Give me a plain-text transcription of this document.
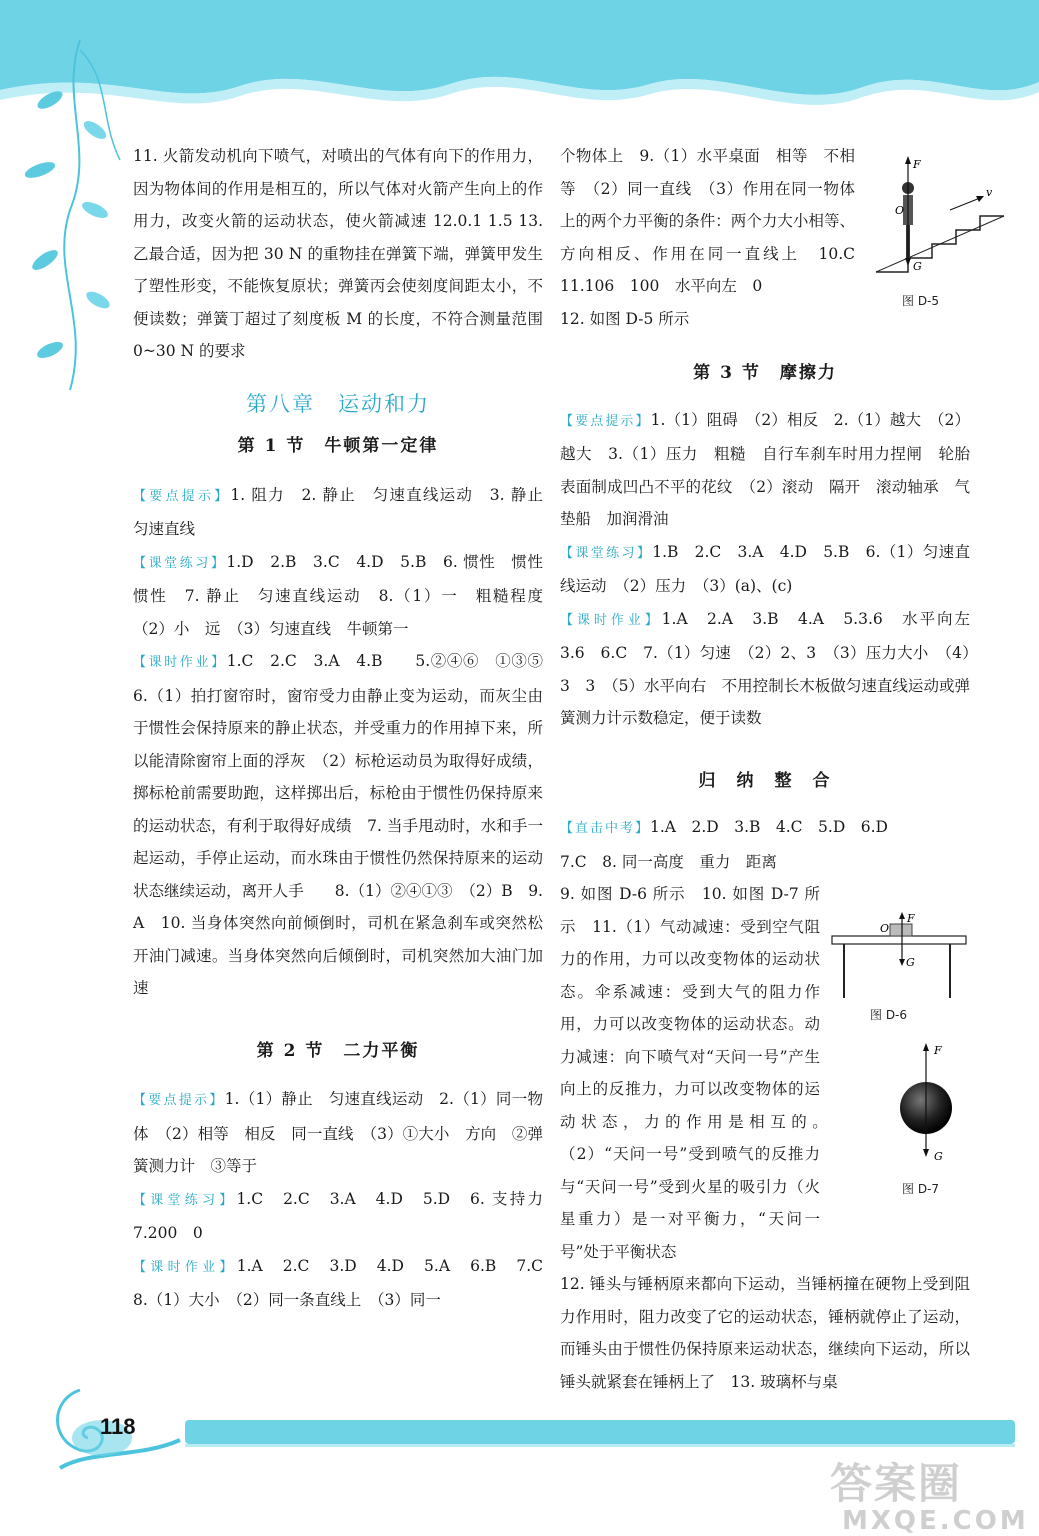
11. 火箭发动机向下喷气，对喷出的气体有向下的作用力，因为物体间的作用是相互的，所以气体对火箭产生向上的作用力，改变火箭的运动状态，使火箭减速 12.0.1 1.5 13. 乙最合适，因为把 30 N 的重物挂在弹簧下端，弹簧甲发生了塑性形变，不能恢复原状；弹簧丙会使刻度间距太小，不便读数；弹簧丁超过了刻度板 M 的长度，不符合测量范围 0~30 N 的要求

第八章　运动和力

第 1 节　牛顿第一定律

【要点提示】1. 阻力　2. 静止　匀速直线运动　3. 静止　匀速直线

【课堂练习】1.D　2.B　3.C　4.D　5.B　6. 惯性　惯性　惯性　7. 静止　匀速直线运动　8.（1）一　粗糙程度　（2）小　远　（3）匀速直线　牛顿第一

【课时作业】1.C　2.C　3.A　4.B　　5.②④⑥　①③⑤　6.（1）拍打窗帘时，窗帘受力由静止变为运动，而灰尘由于惯性会保持原来的静止状态，并受重力的作用掉下来，所以能清除窗帘上面的浮灰　（2）标枪运动员为取得好成绩，掷标枪前需要助跑，这样掷出后，标枪由于惯性仍保持原来的运动状态，有利于取得好成绩　7. 当手甩动时，水和手一起运动，手停止运动，而水珠由于惯性仍然保持原来的运动状态继续运动，离开人手　　8.（1）②④①③　（2）B　9. A　10. 当身体突然向前倾倒时，司机在紧急刹车或突然松开油门减速。当身体突然向后倾倒时，司机突然加大油门加速

第 2 节　二力平衡

【要点提示】1.（1）静止　匀速直线运动　2.（1）同一物体　（2）相等　相反　同一直线　（3）①大小　方向　②弹簧测力计　③等于

【课堂练习】1.C　2.C　3.A　4.D　5.D　6. 支持力　7.200　0

【课时作业】1.A　2.C　3.D　4.D　5.A　6.B　7.C　　8.（1）大小　（2）同一条直线上　（3）同一

个物体上　9.（1）水平桌面　相等　不相等　（2）同一直线　（3）作用在同一物体上的两个力平衡的条件：两个力大小相等、方向相反、作用在同一直线上　10.C　11.106　100　水平向左　0

12. 如图 D-5 所示

第 3 节　摩擦力

【要点提示】1.（1）阻碍　（2）相反　2.（1）越大　（2）越大　3.（1）压力　粗糙　自行车刹车时用力捏闸　轮胎表面制成凹凸不平的花纹　（2）滚动　隔开　滚动轴承　气垫船　加润滑油

【课堂练习】1.B　2.C　3.A　4.D　5.B　6.（1）匀速直线运动　（2）压力　（3）(a)、(c)

【课时作业】1.A　2.A　3.B　4.A　5.3.6　水平向左　3.6　6.C　7.（1）匀速　（2）2、3　（3）压力大小　（4）3　3　（5）水平向右　不用控制长木板做匀速直线运动或弹簧测力计示数稳定，便于读数

归　纳　整　合

【直击中考】1.A　2.D　3.B　4.C　5.D　6.D

7.C　8. 同一高度　重力　距离

9. 如图 D-6 所示　10. 如图 D-7 所示　11.（1）气动减速：受到空气阻力的作用，力可以改变物体的运动状态。伞系减速：受到大气的阻力作用，力可以改变物体的运动状态。动力减速：向下喷气对“天问一号”产生向上的反推力，力可以改变物体的运动状态，力的作用是相互的。　（2）“天问一号”受到喷气的反推力与“天问一号”受到火星的吸引力（火星重力）是一对平衡力，“天问一号”处于平衡状态

12. 锤头与锤柄原来都向下运动，当锤柄撞在硬物上受到阻力作用时，阻力改变了它的运动状态，锤柄就停止了运动，而锤头由于惯性仍保持原来运动状态，继续向下运动，所以锤头就紧套在锤柄上了　13. 玻璃杯与桌

F
O
v
G
图 D-5
F
O
G
图 D-6
F
G
图 D-7
118
答案圈
MXQE.COM
